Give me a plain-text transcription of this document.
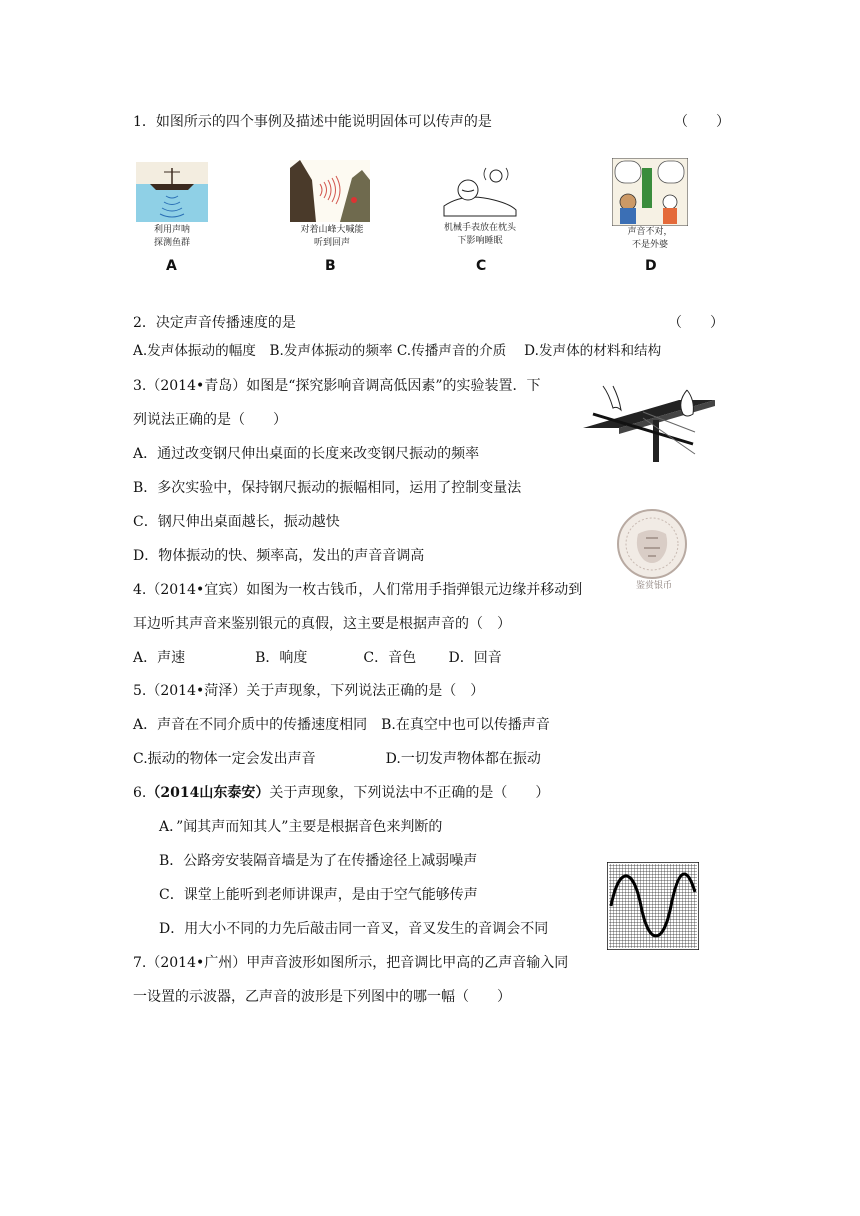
1．如图所示的四个事例及描述中能说明固体可以传声的是	（　　）
利用声呐
探测鱼群
A
对着山峰大喊能
听到回声
B
机械手表放在枕头
下影响睡眠
C
声音不对，
不是外婆
D
2．决定声音传播速度的是	（　　）
A.发声体振动的幅度　B.发声体振动的频率 C.传播声音的介质　 D.发声体的材料和结构
3.（2014•青岛）如图是“探究影响音调高低因素”的实验装置．下
列说法正确的是（　　）
A．通过改变钢尺伸出桌面的长度来改变钢尺振动的频率
B．多次实验中，保持钢尺振动的振幅相同，运用了控制变量法
C．钢尺伸出桌面越长，振动越快
D．物体振动的快、频率高，发出的声音音调高
鉴赏银币
4.（2014•宜宾）如图为一枚古钱币，人们常用手指弹银元边缘并移动到
耳边听其声音来鉴别银元的真假，这主要是根据声音的（　）
A．声速　　　　　B．响度　　　　C．音色　　 D．回音
5.（2014•菏泽）关于声现象，下列说法正确的是（　）
A．声音在不同介质中的传播速度相同　B.在真空中也可以传播声音
C.振动的物体一定会发出声音　　　　　D.一切发声物体都在振动
6.（2014山东泰安）关于声现象，下列说法中不正确的是（　　）
A．”闻其声而知其人”主要是根据音色来判断的
B．公路旁安装隔音墙是为了在传播途径上减弱噪声
C．课堂上能听到老师讲课声，是由于空气能够传声
D．用大小不同的力先后敲击同一音叉，音叉发生的音调会不同
7.（2014•广州）甲声音波形如图所示，把音调比甲高的乙声音输入同
一设置的示波器，乙声音的波形是下列图中的哪一幅（　　）
